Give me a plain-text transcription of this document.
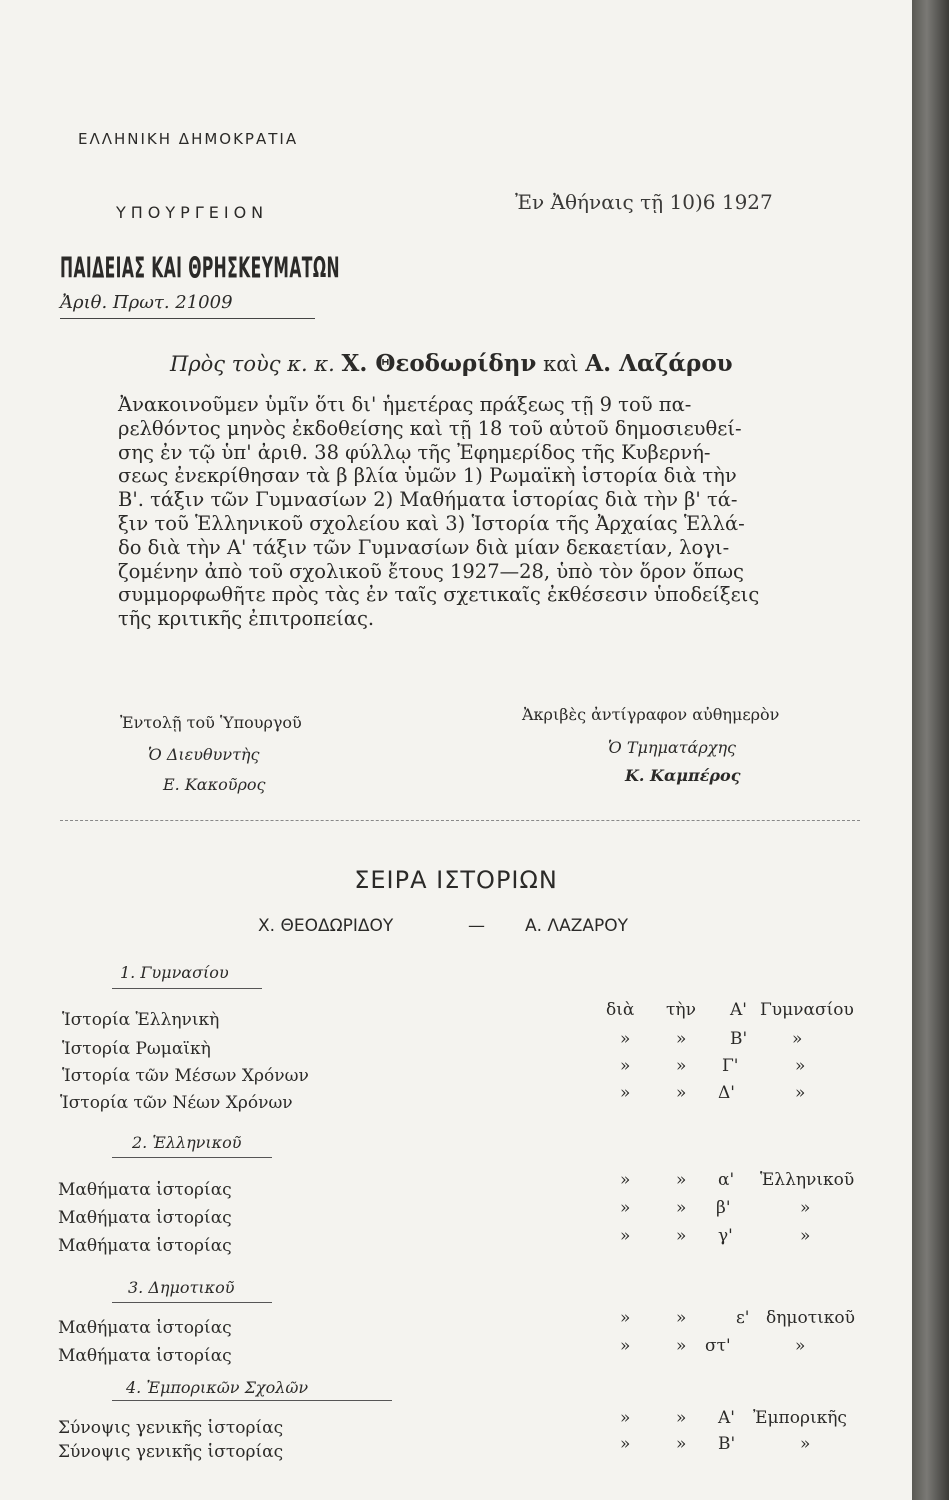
ΕΛΛΗΝΙΚΗ ΔΗΜΟΚΡΑΤΙΑ
ΥΠΟΥΡΓΕΙΟΝ
ΠΑΙΔΕΙΑΣ ΚΑΙ ΘΡΗΣΚΕΥΜΑΤΩΝ
Ἀριθ. Πρωτ. 21009
Ἐν Ἀθήναις τῇ 10)6 1927
Πρὸς τοὺς κ. κ. Χ. Θεοδωρίδην καὶ Α. Λαζάρου
Ἀνακοινοῦμεν ὑμῖν ὅτι δι' ἡμετέρας πράξεως τῇ 9 τοῦ πα-
ρελθόντος μηνὸς ἐκδοθείσης καὶ τῇ 18 τοῦ αὐτοῦ δημοσιευθεί-
σης ἐν τῷ ὑπ' ἀριθ. 38 φύλλῳ τῆς Ἐφημερίδος τῆς Κυβερνή-
σεως ἐνεκρίθησαν τὰ β βλία ὑμῶν 1) Ρωμαϊκὴ ἱστορία διὰ τὴν
Β'. τάξιν τῶν Γυμνασίων 2) Μαθήματα ἱστορίας διὰ τὴν β' τά-
ξιν τοῦ Ἑλληνικοῦ σχολείου καὶ 3) Ἱστορία τῆς Ἀρχαίας Ἑλλά-
δο διὰ τὴν Α' τάξιν τῶν Γυμνασίων διὰ μίαν δεκαετίαν, λογι-
ζομένην ἀπὸ τοῦ σχολικοῦ ἔτους 1927—28, ὑπὸ τὸν ὅρον ὅπως
συμμορφωθῆτε πρὸς τὰς ἐν ταῖς σχετικαῖς ἐκθέσεσιν ὑποδείξεις
τῆς κριτικῆς ἐπιτροπείας.
Ἐντολῇ τοῦ Ὑπουργοῦ
Ὁ Διευθυντὴς
Ε. Κακοῦρος
Ἀκριβὲς ἀντίγραφον αὐθημερὸν
Ὁ Τμηματάρχης
Κ. Καμπέρος
ΣΕΙΡΑ ΙΣΤΟΡΙΩΝ
Χ. ΘΕΟΔΩΡΙΔΟΥ	— Α. ΛΑΖΑΡΟΥ
1. Γυμνασίου
Ἱστορία Ἑλληνικὴ	διὰ τὴν Α' Γυμνασίου
Ἱστορία Ρωμαϊκὴ	»	»	Β'	»
Ἱστορία τῶν Μέσων Χρόνων	»	» Γ'	»
Ἱστορία τῶν Νέων Χρόνων	»	» Δ'	»
2. Ἑλληνικοῦ
Μαθήματα ἱστορίας	»	» α' Ἑλληνικοῦ
Μαθήματα ἱστορίας	»	» β'	»
Μαθήματα ἱστορίας	»	» γ'	»
3. Δημοτικοῦ
Μαθήματα ἱστορίας	»	»	ε' δημοτικοῦ
Μαθήματα ἱστορίας	»	» στ'	»
4. Ἐμπορικῶν Σχολῶν
Σύνοψις γενικῆς ἱστορίας	»	» Α' Ἐμπορικῆς
Σύνοψις γενικῆς ἱστορίας	»	» Β'	»
